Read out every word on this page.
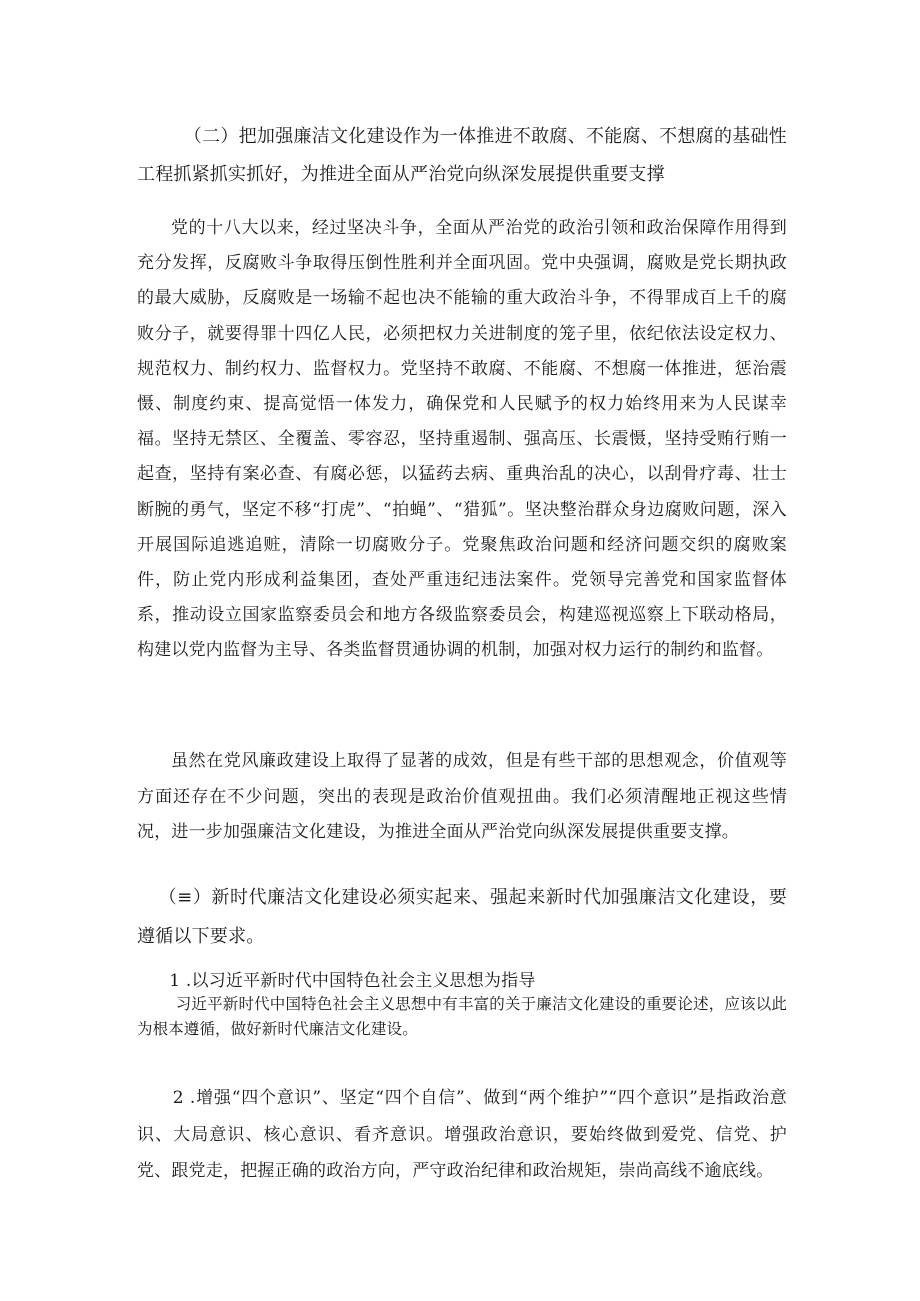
（二）把加强廉洁文化建设作为一体推进不敢腐、不能腐、不想腐的基础性工程抓紧抓实抓好，为推进全面从严治党向纵深发展提供重要支撑

党的十八大以来，经过坚决斗争，全面从严治党的政治引领和政治保障作用得到充分发挥，反腐败斗争取得压倒性胜利并全面巩固。党中央强调，腐败是党长期执政的最大威胁，反腐败是一场输不起也决不能输的重大政治斗争，不得罪成百上千的腐败分子，就要得罪十四亿人民，必须把权力关进制度的笼子里，依纪依法设定权力、规范权力、制约权力、监督权力。党坚持不敢腐、不能腐、不想腐一体推进，惩治震慑、制度约束、提高觉悟一体发力，确保党和人民赋予的权力始终用来为人民谋幸福。坚持无禁区、全覆盖、零容忍，坚持重遏制、强高压、长震慑，坚持受贿行贿一起查，坚持有案必查、有腐必惩，以猛药去病、重典治乱的决心，以刮骨疗毒、壮士断腕的勇气，坚定不移“打虎”、“拍蝇”、“猎狐”。坚决整治群众身边腐败问题，深入开展国际追逃追赃，清除一切腐败分子。党聚焦政治问题和经济问题交织的腐败案件，防止党内形成利益集团，查处严重违纪违法案件。党领导完善党和国家监督体系，推动设立国家监察委员会和地方各级监察委员会，构建巡视巡察上下联动格局，构建以党内监督为主导、各类监督贯通协调的机制，加强对权力运行的制约和监督。

虽然在党风廉政建设上取得了显著的成效，但是有些干部的思想观念，价值观等方面还存在不少问题，突出的表现是政治价值观扭曲。我们必须清醒地正视这些情况，进一步加强廉洁文化建设，为推进全面从严治党向纵深发展提供重要支撑。

（≡）新时代廉洁文化建设必须实起来、强起来新时代加强廉洁文化建设，要遵循以下要求。

1 .以习近平新时代中国特色社会主义思想为指导

习近平新时代中国特色社会主义思想中有丰富的关于廉洁文化建设的重要论述，应该以此为根本遵循，做好新时代廉洁文化建设。

2 .增强“四个意识”、坚定“四个自信”、做到“两个维护”“四个意识”是指政治意识、大局意识、核心意识、看齐意识。增强政治意识，要始终做到爱党、信党、护党、跟党走，把握正确的政治方向，严守政治纪律和政治规矩，崇尚高线不逾底线。
